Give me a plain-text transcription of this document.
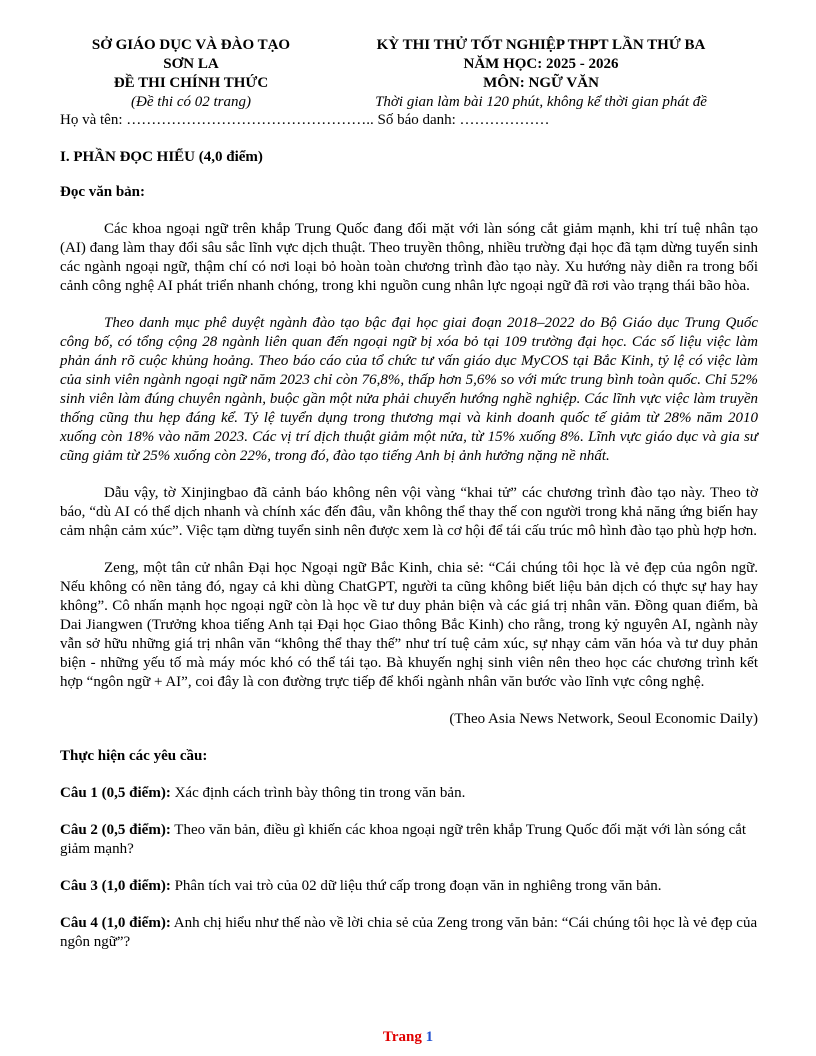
SỞ GIÁO DỤC VÀ ĐÀO TẠO
SƠN LA
ĐỀ THI CHÍNH THỨC
(Đề thi có 02 trang)
KỲ THI THỬ TỐT NGHIỆP THPT LẦN THỨ BA
NĂM HỌC: 2025 - 2026
MÔN: NGỮ VĂN
Thời gian làm bài 120 phút, không kể thời gian phát đề
Họ và tên: ………………………………………….. Số báo danh: ………………

I. PHẦN ĐỌC HIỂU (4,0 điểm)

Đọc văn bản:

Các khoa ngoại ngữ trên khắp Trung Quốc đang đối mặt với làn sóng cắt giảm mạnh, khi trí tuệ nhân tạo (AI) đang làm thay đổi sâu sắc lĩnh vực dịch thuật. Theo truyền thông, nhiều trường đại học đã tạm dừng tuyển sinh các ngành ngoại ngữ, thậm chí có nơi loại bỏ hoàn toàn chương trình đào tạo này. Xu hướng này diễn ra trong bối cảnh công nghệ AI phát triển nhanh chóng, trong khi nguồn cung nhân lực ngoại ngữ đã rơi vào trạng thái bão hòa.

Theo danh mục phê duyệt ngành đào tạo bậc đại học giai đoạn 2018–2022 do Bộ Giáo dục Trung Quốc công bố, có tổng cộng 28 ngành liên quan đến ngoại ngữ bị xóa bỏ tại 109 trường đại học. Các số liệu việc làm phản ánh rõ cuộc khủng hoảng. Theo báo cáo của tổ chức tư vấn giáo dục MyCOS tại Bắc Kinh, tỷ lệ có việc làm của sinh viên ngành ngoại ngữ năm 2023 chỉ còn 76,8%, thấp hơn 5,6% so với mức trung bình toàn quốc. Chỉ 52% sinh viên làm đúng chuyên ngành, buộc gần một nửa phải chuyển hướng nghề nghiệp. Các lĩnh vực việc làm truyền thống cũng thu hẹp đáng kể. Tỷ lệ tuyển dụng trong thương mại và kinh doanh quốc tế giảm từ 28% năm 2010 xuống còn 18% vào năm 2023. Các vị trí dịch thuật giảm một nửa, từ 15% xuống 8%. Lĩnh vực giáo dục và gia sư cũng giảm từ 25% xuống còn 22%, trong đó, đào tạo tiếng Anh bị ảnh hưởng nặng nề nhất.

Dẫu vậy, tờ Xinjingbao đã cảnh báo không nên vội vàng “khai tử” các chương trình đào tạo này. Theo tờ báo, “dù AI có thể dịch nhanh và chính xác đến đâu, vẫn không thể thay thế con người trong khả năng ứng biến hay cảm nhận cảm xúc”. Việc tạm dừng tuyển sinh nên được xem là cơ hội để tái cấu trúc mô hình đào tạo phù hợp hơn.

Zeng, một tân cử nhân Đại học Ngoại ngữ Bắc Kinh, chia sẻ: “Cái chúng tôi học là vẻ đẹp của ngôn ngữ. Nếu không có nền tảng đó, ngay cả khi dùng ChatGPT, người ta cũng không biết liệu bản dịch có thực sự hay hay không”. Cô nhấn mạnh học ngoại ngữ còn là học về tư duy phản biện và các giá trị nhân văn. Đồng quan điểm, bà Dai Jiangwen (Trưởng khoa tiếng Anh tại Đại học Giao thông Bắc Kinh) cho rằng, trong kỷ nguyên AI, ngành này vẫn sở hữu những giá trị nhân văn “không thể thay thế” như trí tuệ cảm xúc, sự nhạy cảm văn hóa và tư duy phản biện - những yếu tố mà máy móc khó có thể tái tạo. Bà khuyến nghị sinh viên nên theo học các chương trình kết hợp “ngôn ngữ + AI”, coi đây là con đường trực tiếp để khối ngành nhân văn bước vào lĩnh vực công nghệ.

(Theo Asia News Network, Seoul Economic Daily)

Thực hiện các yêu cầu:

Câu 1 (0,5 điểm): Xác định cách trình bày thông tin trong văn bản.

Câu 2 (0,5 điểm): Theo văn bản, điều gì khiến các khoa ngoại ngữ trên khắp Trung Quốc đối mặt với làn sóng cắt giảm mạnh?

Câu 3 (1,0 điểm): Phân tích vai trò của 02 dữ liệu thứ cấp trong đoạn văn in nghiêng trong văn bản.

Câu 4 (1,0 điểm): Anh chị hiểu như thế nào về lời chia sẻ của Zeng trong văn bản: “Cái chúng tôi học là vẻ đẹp của ngôn ngữ”?

Trang 1
